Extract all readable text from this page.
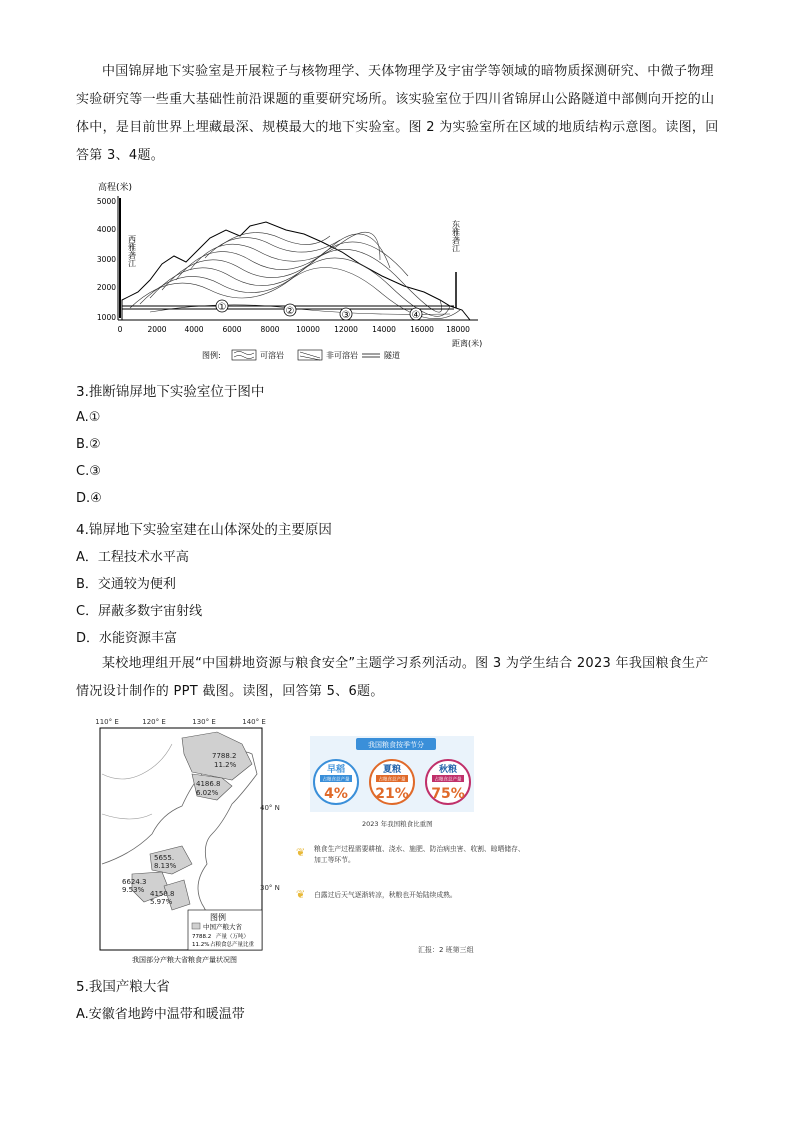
中国锦屏地下实验室是开展粒子与核物理学、天体物理学及宇宙学等领域的暗物质探测研究、中微子物理实验研究等一些重大基础性前沿课题的重要研究场所。该实验室位于四川省锦屏山公路隧道中部侧向开挖的山体中，是目前世界上埋藏最深、规模最大的地下实验室。图 2 为实验室所在区域的地质结构示意图。读图，回答第 3、4题。
高程(米)
5000
4000
3000
2000
1000
0	2000 4000	6000	8000 10000 12000 14000 16000 18000
距离(米)
西雅砻江	东雅砻江
①	②	③	④
图例:	可溶岩	非可溶岩	隧道
3.推断锦屏地下实验室位于图中
A.①
B.②
C.③
D.④
4.锦屏地下实验室建在山体深处的主要原因
A．工程技术水平高
B．交通较为便利
C．屏蔽多数宇宙射线
D．水能资源丰富
某校地理组开展“中国耕地资源与粮食安全”主题学习系列活动。图 3 为学生结合 2023 年我国粮食生产情况设计制作的 PPT 截图。读图，回答第 5、6题。
110° E	120° E	130° E	140° E
40° N
30° N
7788.2
11.2%
4186.8
6.02%
5655.
8.13%
6624.3
9.53% 4150.8
5.97%
图例
中国产粮大省
7788.2 产量（万吨）
11.2% 占粮食总产量比重
我国部分产粮大省粮食产量状况图
我国粮食按季节分
早稻
占粮食总产量
4%
夏粮
占粮食总产量
21%
秋粮
占粮食总产量
75%
2023 年我国粮食比重图
❦ 粮食生产过程需要耕植、浇水、施肥、防治病虫害、收割、晾晒储存、加工等环节。
❦ 白露过后天气逐渐转凉，秋粮也开始陆续成熟。
汇报：2 班第三组
5.我国产粮大省
A.安徽省地跨中温带和暖温带
